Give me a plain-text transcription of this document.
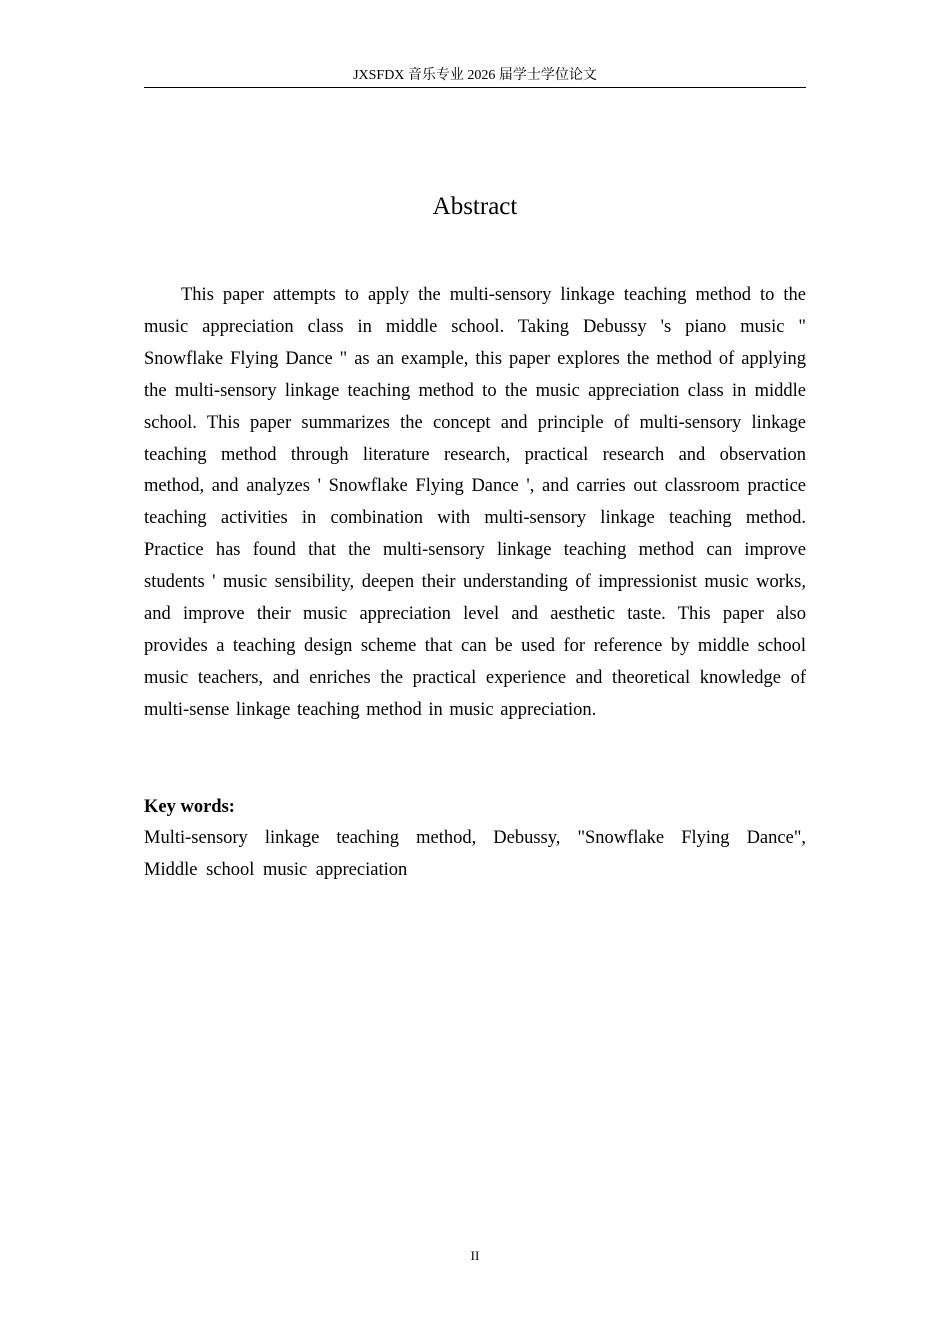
JXSFDX 音乐专业 2026 届学士学位论文
Abstract

This paper attempts to apply the multi-sensory linkage teaching method to the music appreciation class in middle school. Taking Debussy 's piano music " Snowflake Flying Dance " as an example, this paper explores the method of applying the multi-sensory linkage teaching method to the music appreciation class in middle school. This paper summarizes the concept and principle of multi-sensory linkage teaching method through literature research, practical research and observation method, and analyzes ' Snowflake Flying Dance ', and carries out classroom practice teaching activities in combination with multi-sensory linkage teaching method. Practice has found that the multi-sensory linkage teaching method can improve students ' music sensibility, deepen their understanding of impressionist music works, and improve their music appreciation level and aesthetic taste. This paper also provides a teaching design scheme that can be used for reference by middle school music teachers, and enriches the practical experience and theoretical knowledge of multi-sense linkage teaching method in music appreciation.

Key words:

Multi-sensory linkage teaching method, Debussy, "Snowflake Flying Dance", Middle school music appreciation

II
